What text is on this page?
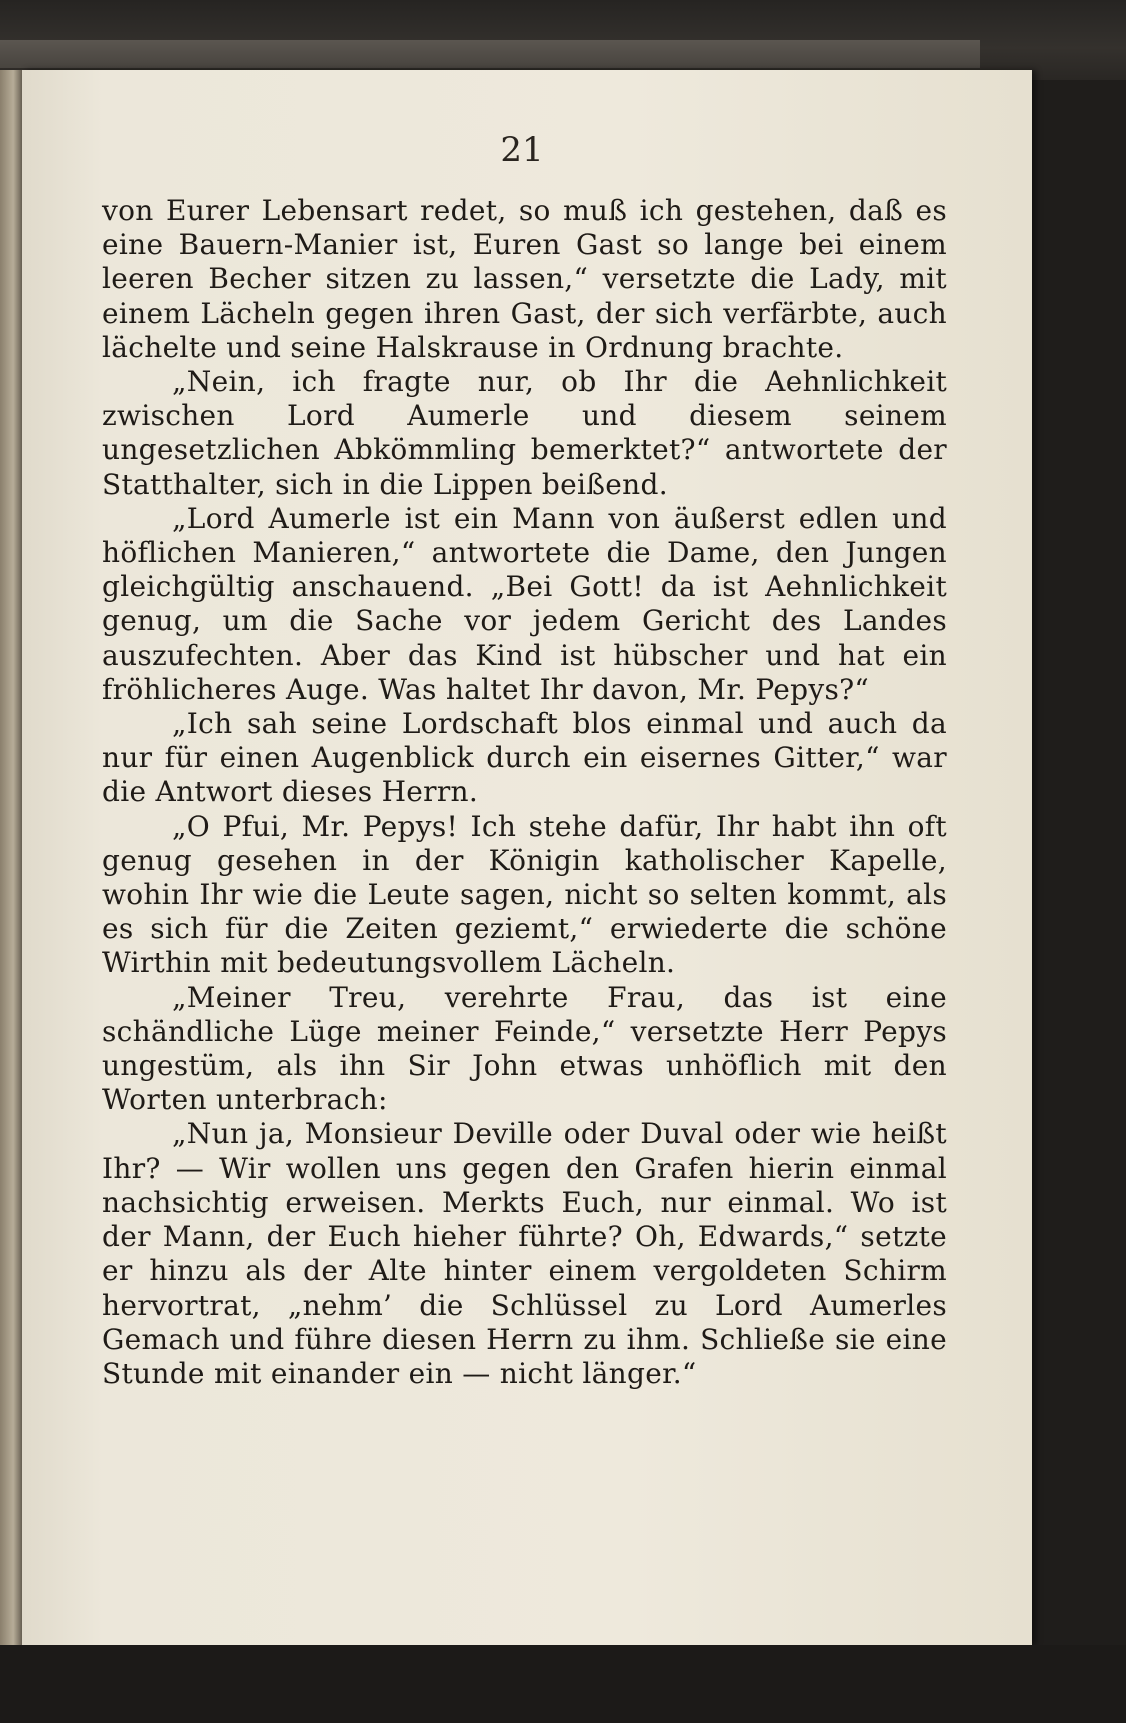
21

von Eurer Lebensart redet, so muß ich gestehen, daß es eine Bauern-Manier ist, Euren Gast so lange bei einem leeren Becher sitzen zu lassen,“ versetzte die Lady, mit einem Lächeln gegen ihren Gast, der sich verfärbte, auch lächelte und seine Halskrause in Ordnung brachte.

„Nein, ich fragte nur, ob Ihr die Aehnlichkeit zwischen Lord Aumerle und diesem seinem ungesetzlichen Abkömmling bemerktet?“ antwortete der Statthalter, sich in die Lippen beißend.

„Lord Aumerle ist ein Mann von äußerst edlen und höflichen Manieren,“ antwortete die Dame, den Jungen gleichgültig anschauend. „Bei Gott! da ist Aehnlichkeit genug, um die Sache vor jedem Gericht des Landes auszufechten. Aber das Kind ist hübscher und hat ein fröhlicheres Auge. Was haltet Ihr davon, Mr. Pepys?“

„Ich sah seine Lordschaft blos einmal und auch da nur für einen Augenblick durch ein eisernes Gitter,“ war die Antwort dieses Herrn.

„O Pfui, Mr. Pepys! Ich stehe dafür, Ihr habt ihn oft genug gesehen in der Königin katholischer Kapelle, wohin Ihr wie die Leute sagen, nicht so selten kommt, als es sich für die Zeiten geziemt,“ erwiederte die schöne Wirthin mit bedeutungsvollem Lächeln.

„Meiner Treu, verehrte Frau, das ist eine schändliche Lüge meiner Feinde,“ versetzte Herr Pepys ungestüm, als ihn Sir John etwas unhöflich mit den Worten unterbrach:

„Nun ja, Monsieur Deville oder Duval oder wie heißt Ihr? — Wir wollen uns gegen den Grafen hierin einmal nachsichtig erweisen. Merkts Euch, nur einmal. Wo ist der Mann, der Euch hieher führte? Oh, Edwards,“ setzte er hinzu als der Alte hinter einem vergoldeten Schirm hervortrat, „nehm’ die Schlüssel zu Lord Aumerles Gemach und führe diesen Herrn zu ihm. Schließe sie eine Stunde mit einander ein — nicht länger.“
